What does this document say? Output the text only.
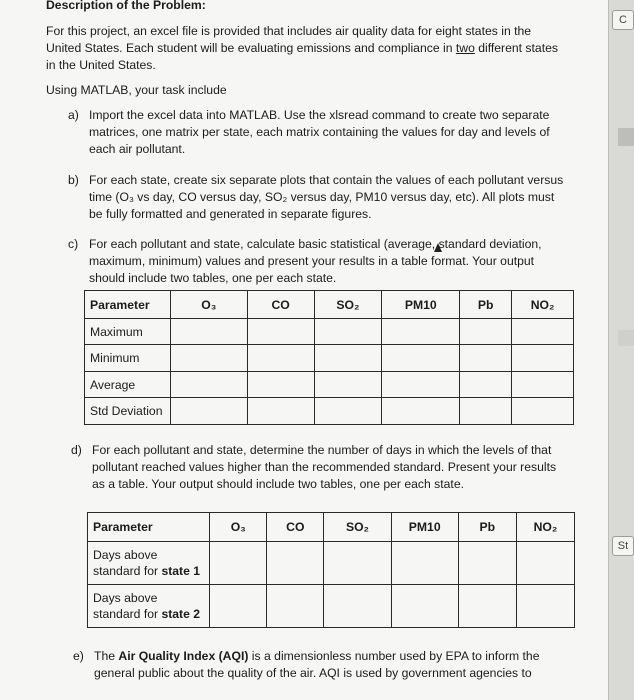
Description of the Problem:
For this project, an excel file is provided that includes air quality data for eight states in the
United States. Each student will be evaluating emissions and compliance in two different states
in the United States.
Using MATLAB, your task include
a) Import the excel data into MATLAB. Use the xlsread command to create two separate
matrices, one matrix per state, each matrix containing the values for day and levels of
each air pollutant.
b) For each state, create six separate plots that contain the values of each pollutant versus
time (O₃ vs day, CO versus day, SO₂ versus day, PM10 versus day, etc). All plots must
be fully formatted and generated in separate figures.
c) For each pollutant and state, calculate basic statistical (average, standard deviation,
maximum, minimum) values and present your results in a table format. Your output
should include two tables, one per each state.
Parameter	O₃	CO	SO₂	PM10	Pb	NO₂
Maximum						
Minimum						
Average						
Std Deviation						
d) For each pollutant and state, determine the number of days in which the levels of that
pollutant reached values higher than the recommended standard. Present your results
as a table. Your output should include two tables, one per each state.
Parameter	O₃	CO	SO₂	PM10	Pb	NO₂
Days above
standard for state 1						
Days above
standard for state 2						
e) The Air Quality Index (AQI) is a dimensionless number used by EPA to inform the
general public about the quality of the air. AQI is used by government agencies to
C
St
